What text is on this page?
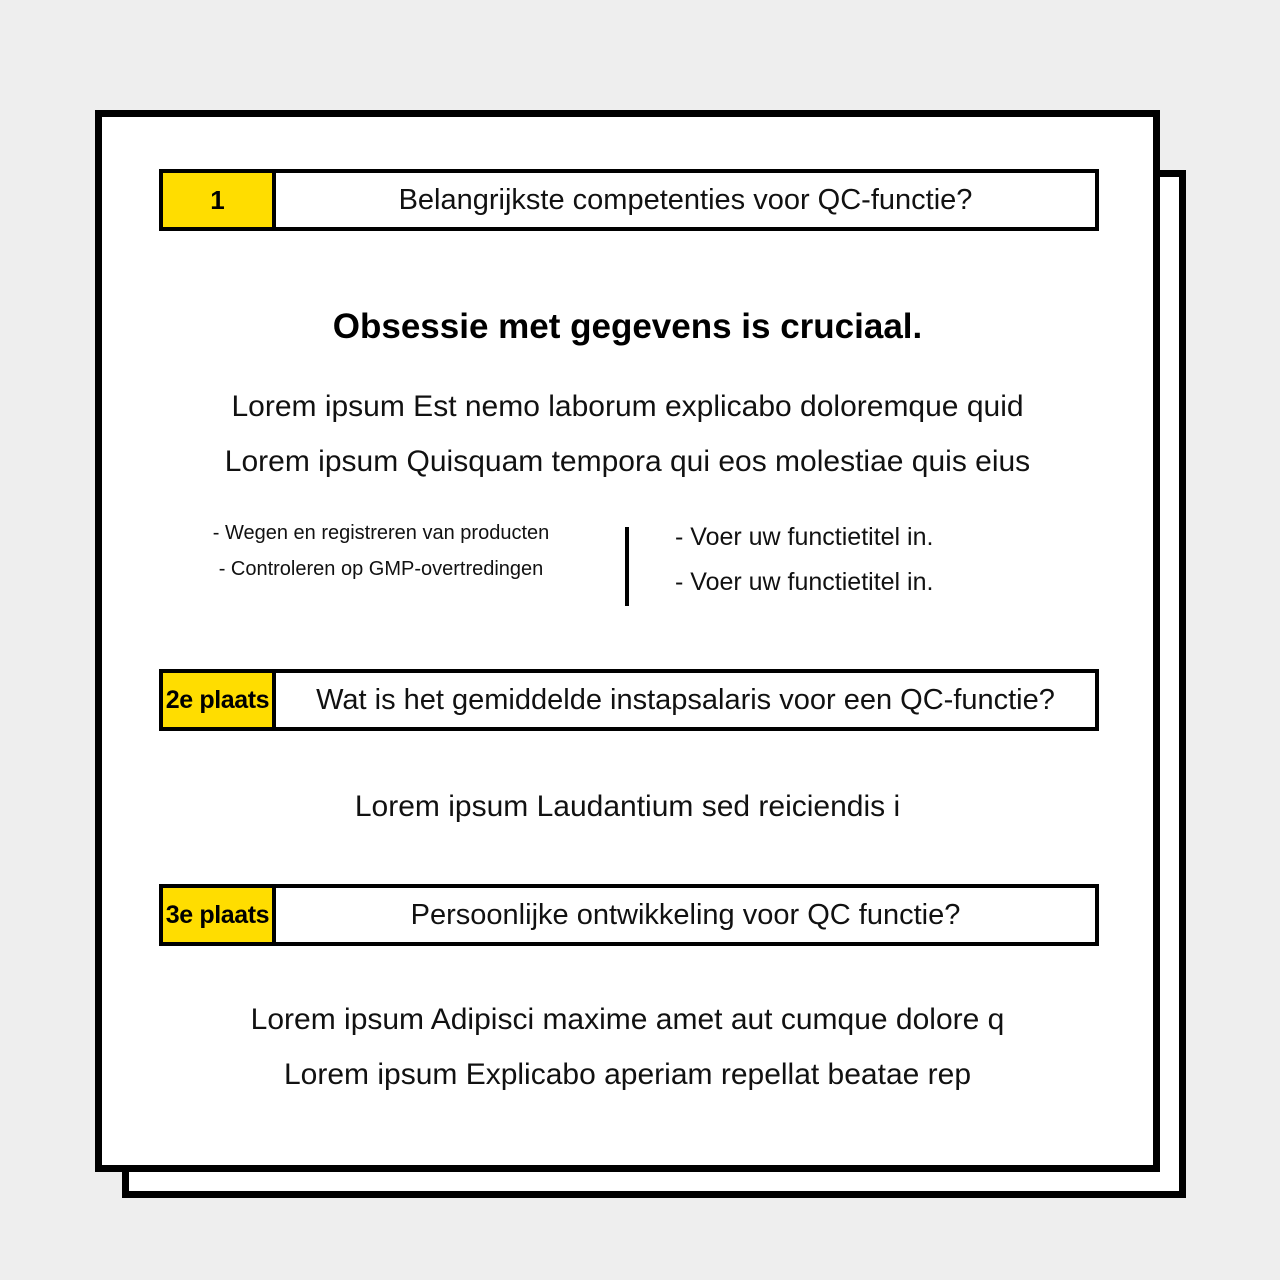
1	Belangrijkste competenties voor QC-functie?
Obsessie met gegevens is cruciaal.
Lorem ipsum Est nemo laborum explicabo doloremque quid
Lorem ipsum Quisquam tempora qui eos molestiae quis eius
- Wegen en registreren van producten
- Controleren op GMP-overtredingen
- Voer uw functietitel in.
- Voer uw functietitel in.
2e plaats	Wat is het gemiddelde instapsalaris voor een QC-functie?
Lorem ipsum Laudantium sed reiciendis i
3e plaats	Persoonlijke ontwikkeling voor QC functie?
Lorem ipsum Adipisci maxime amet aut cumque dolore q
Lorem ipsum Explicabo aperiam repellat beatae rep
